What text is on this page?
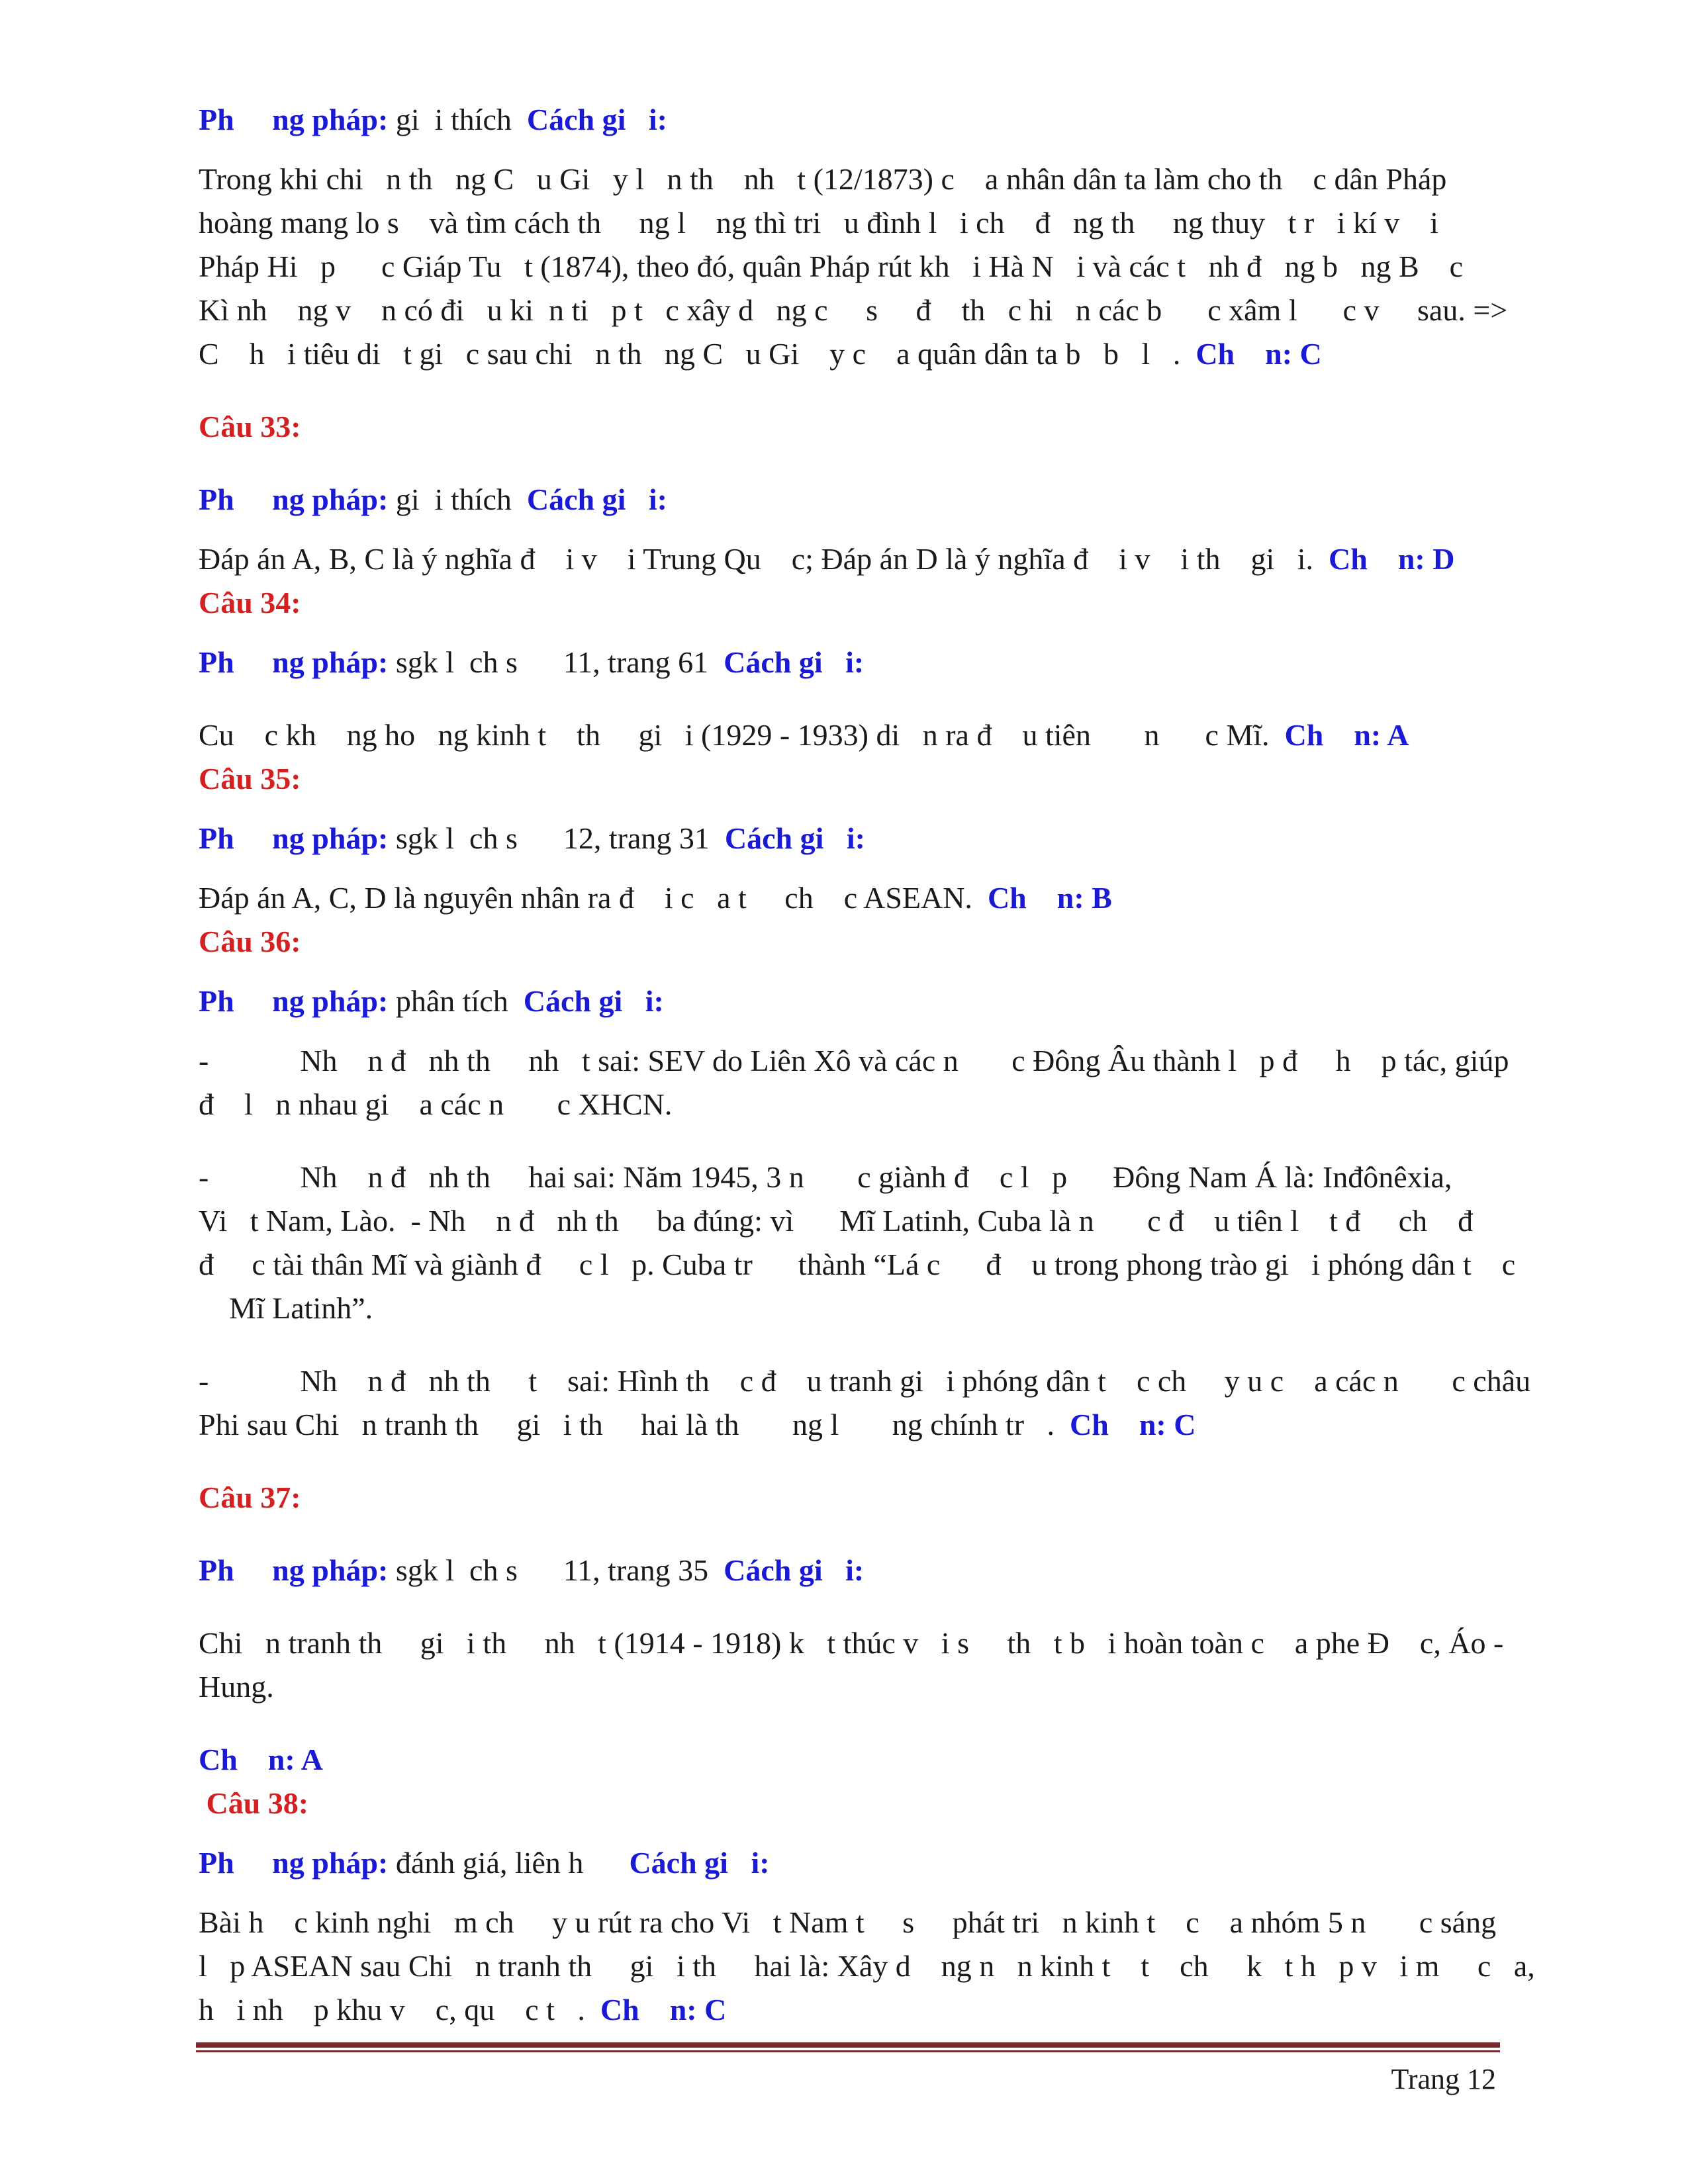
Ph     ng pháp: gi  i thích  Cách gi   i:
Trong khi chi   n th   ng C   u Gi   y l   n th    nh   t (12/1873) c    a nhân dân ta làm cho th    c dân Pháp
hoàng mang lo s    và tìm cách th     ng l    ng thì tri   u đình l   i ch    đ   ng th     ng thuy   t r   i kí v    i
Pháp Hi   p      c Giáp Tu   t (1874), theo đó, quân Pháp rút kh   i Hà N   i và các t   nh đ   ng b   ng B    c
Kì nh    ng v    n có đi   u ki  n ti   p t   c xây d   ng c     s     đ    th   c hi   n các b      c xâm l      c v     sau. =>
C    h   i tiêu di   t gi   c sau chi   n th   ng C   u Gi    y c    a quân dân ta b   b   l   .  Ch    n: C
Câu 33:
Ph     ng pháp: gi  i thích  Cách gi   i:
Đáp án A, B, C là ý nghĩa đ    i v    i Trung Qu    c; Đáp án D là ý nghĩa đ    i v    i th    gi   i.  Ch    n: D
Câu 34:
Ph     ng pháp: sgk l  ch s      11, trang 61  Cách gi   i:
Cu    c kh    ng ho   ng kinh t    th     gi   i (1929 - 1933) di   n ra đ    u tiên       n      c Mĩ.  Ch    n: A
Câu 35:
Ph     ng pháp: sgk l  ch s      12, trang 31  Cách gi   i:
Đáp án A, C, D là nguyên nhân ra đ    i c   a t     ch    c ASEAN.  Ch    n: B
Câu 36:
Ph     ng pháp: phân tích  Cách gi   i:
-            Nh    n đ   nh th     nh   t sai: SEV do Liên Xô và các n       c Đông Âu thành l   p đ     h    p tác, giúp
đ    l   n nhau gi    a các n       c XHCN.
-            Nh    n đ   nh th     hai sai: Năm 1945, 3 n       c giành đ    c l   p      Đông Nam Á là: Inđônêxia,
Vi   t Nam, Lào.  - Nh    n đ   nh th     ba đúng: vì      Mĩ Latinh, Cuba là n       c đ    u tiên l    t đ     ch    đ
đ     c tài thân Mĩ và giành đ     c l   p. Cuba tr      thành “Lá c      đ    u trong phong trào gi   i phóng dân t    c
Mĩ Latinh”.
-            Nh    n đ   nh th     t    sai: Hình th    c đ    u tranh gi   i phóng dân t    c ch     y u c    a các n       c châu
Phi sau Chi   n tranh th     gi   i th     hai là th       ng l       ng chính tr   .  Ch    n: C
Câu 37:
Ph     ng pháp: sgk l  ch s      11, trang 35  Cách gi   i:
Chi   n tranh th     gi   i th     nh   t (1914 - 1918) k   t thúc v   i s     th   t b   i hoàn toàn c    a phe Đ    c, Áo -
Hung.
Ch    n: A
Câu 38:
Ph     ng pháp: đánh giá, liên h      Cách gi   i:
Bài h    c kinh nghi   m ch     y u rút ra cho Vi   t Nam t     s     phát tri   n kinh t    c    a nhóm 5 n       c sáng
l   p ASEAN sau Chi   n tranh th     gi   i th     hai là: Xây d    ng n   n kinh t    t    ch     k   t h   p v   i m     c   a,
h   i nh    p khu v    c, qu    c t   .  Ch    n: C
Trang 12
